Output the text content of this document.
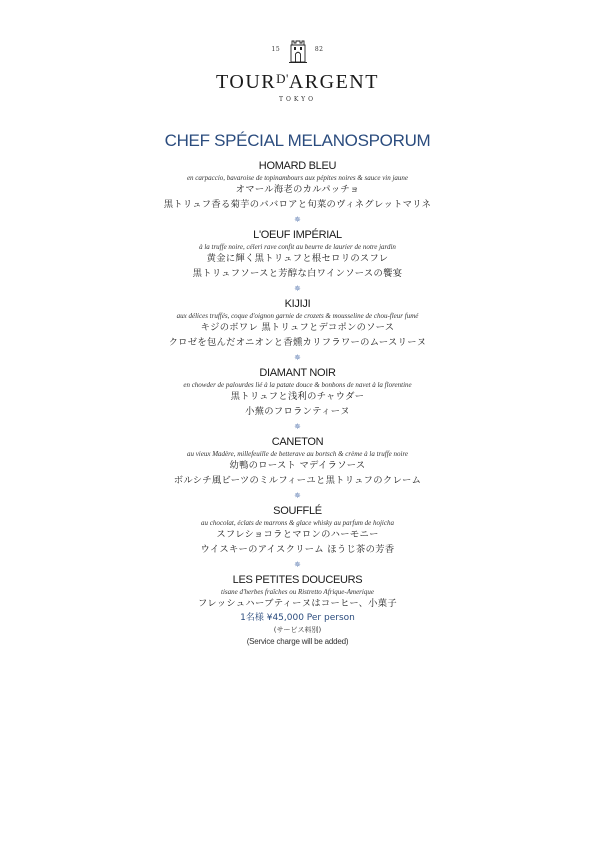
15	82
$TOUR^{D'}ARGENT$
TOKYO
CHEF SPÉCIAL MELANOSPORUM
HOMARD BLEU
en carpaccio, bavaroise de topinambours aux pépites noires & sauce vin jaune
オマール海老のカルパッチョ
黒トリュフ香る菊芋のババロアと旬菜のヴィネグレットマリネ
✵
L'OEUF IMPÉRIAL
à la truffe noire, céleri rave confit au beurre de laurier de notre jardin
黄金に輝く黒トリュフと根セロリのスフレ
黒トリュフソースと芳醇な白ワインソースの饗宴
✵
KIJIJI
aux délices truffés, coque d'oignon garnie de crozets & mousseline de chou-fleur fumé
キジのボワレ 黒トリュフとデコポンのソース
クロゼを包んだオニオンと香燻カリフラワーのムースリーヌ
✵
DIAMANT NOIR
en chowder de palourdes lié à la patate douce & bonbons de navet à la florentine
黒トリュフと浅利のチャウダー
小蕪のフロランティーヌ
✵
CANETON
au vieux Madère, millefeuille de betterave au bortsch & crème à la truffe noire
幼鴨のロースト マデイラソース
ボルシチ風ビーツのミルフィーユと黒トリュフのクレーム
✵
SOUFFLÉ
au chocolat, éclats de marrons & glace whisky au parfum de hojicha
スフレショコラとマロンのハーモニー
ウイスキーのアイスクリーム ほうじ茶の芳香
✵
LES PETITES DOUCEURS
tisane d'herbes fraîches ou Ristretto Afrique-Amerique
フレッシュハーブティーヌはコーヒー、小菓子
1名様 ¥45,000 Per person
(サービス料別)
(Service charge will be added)
